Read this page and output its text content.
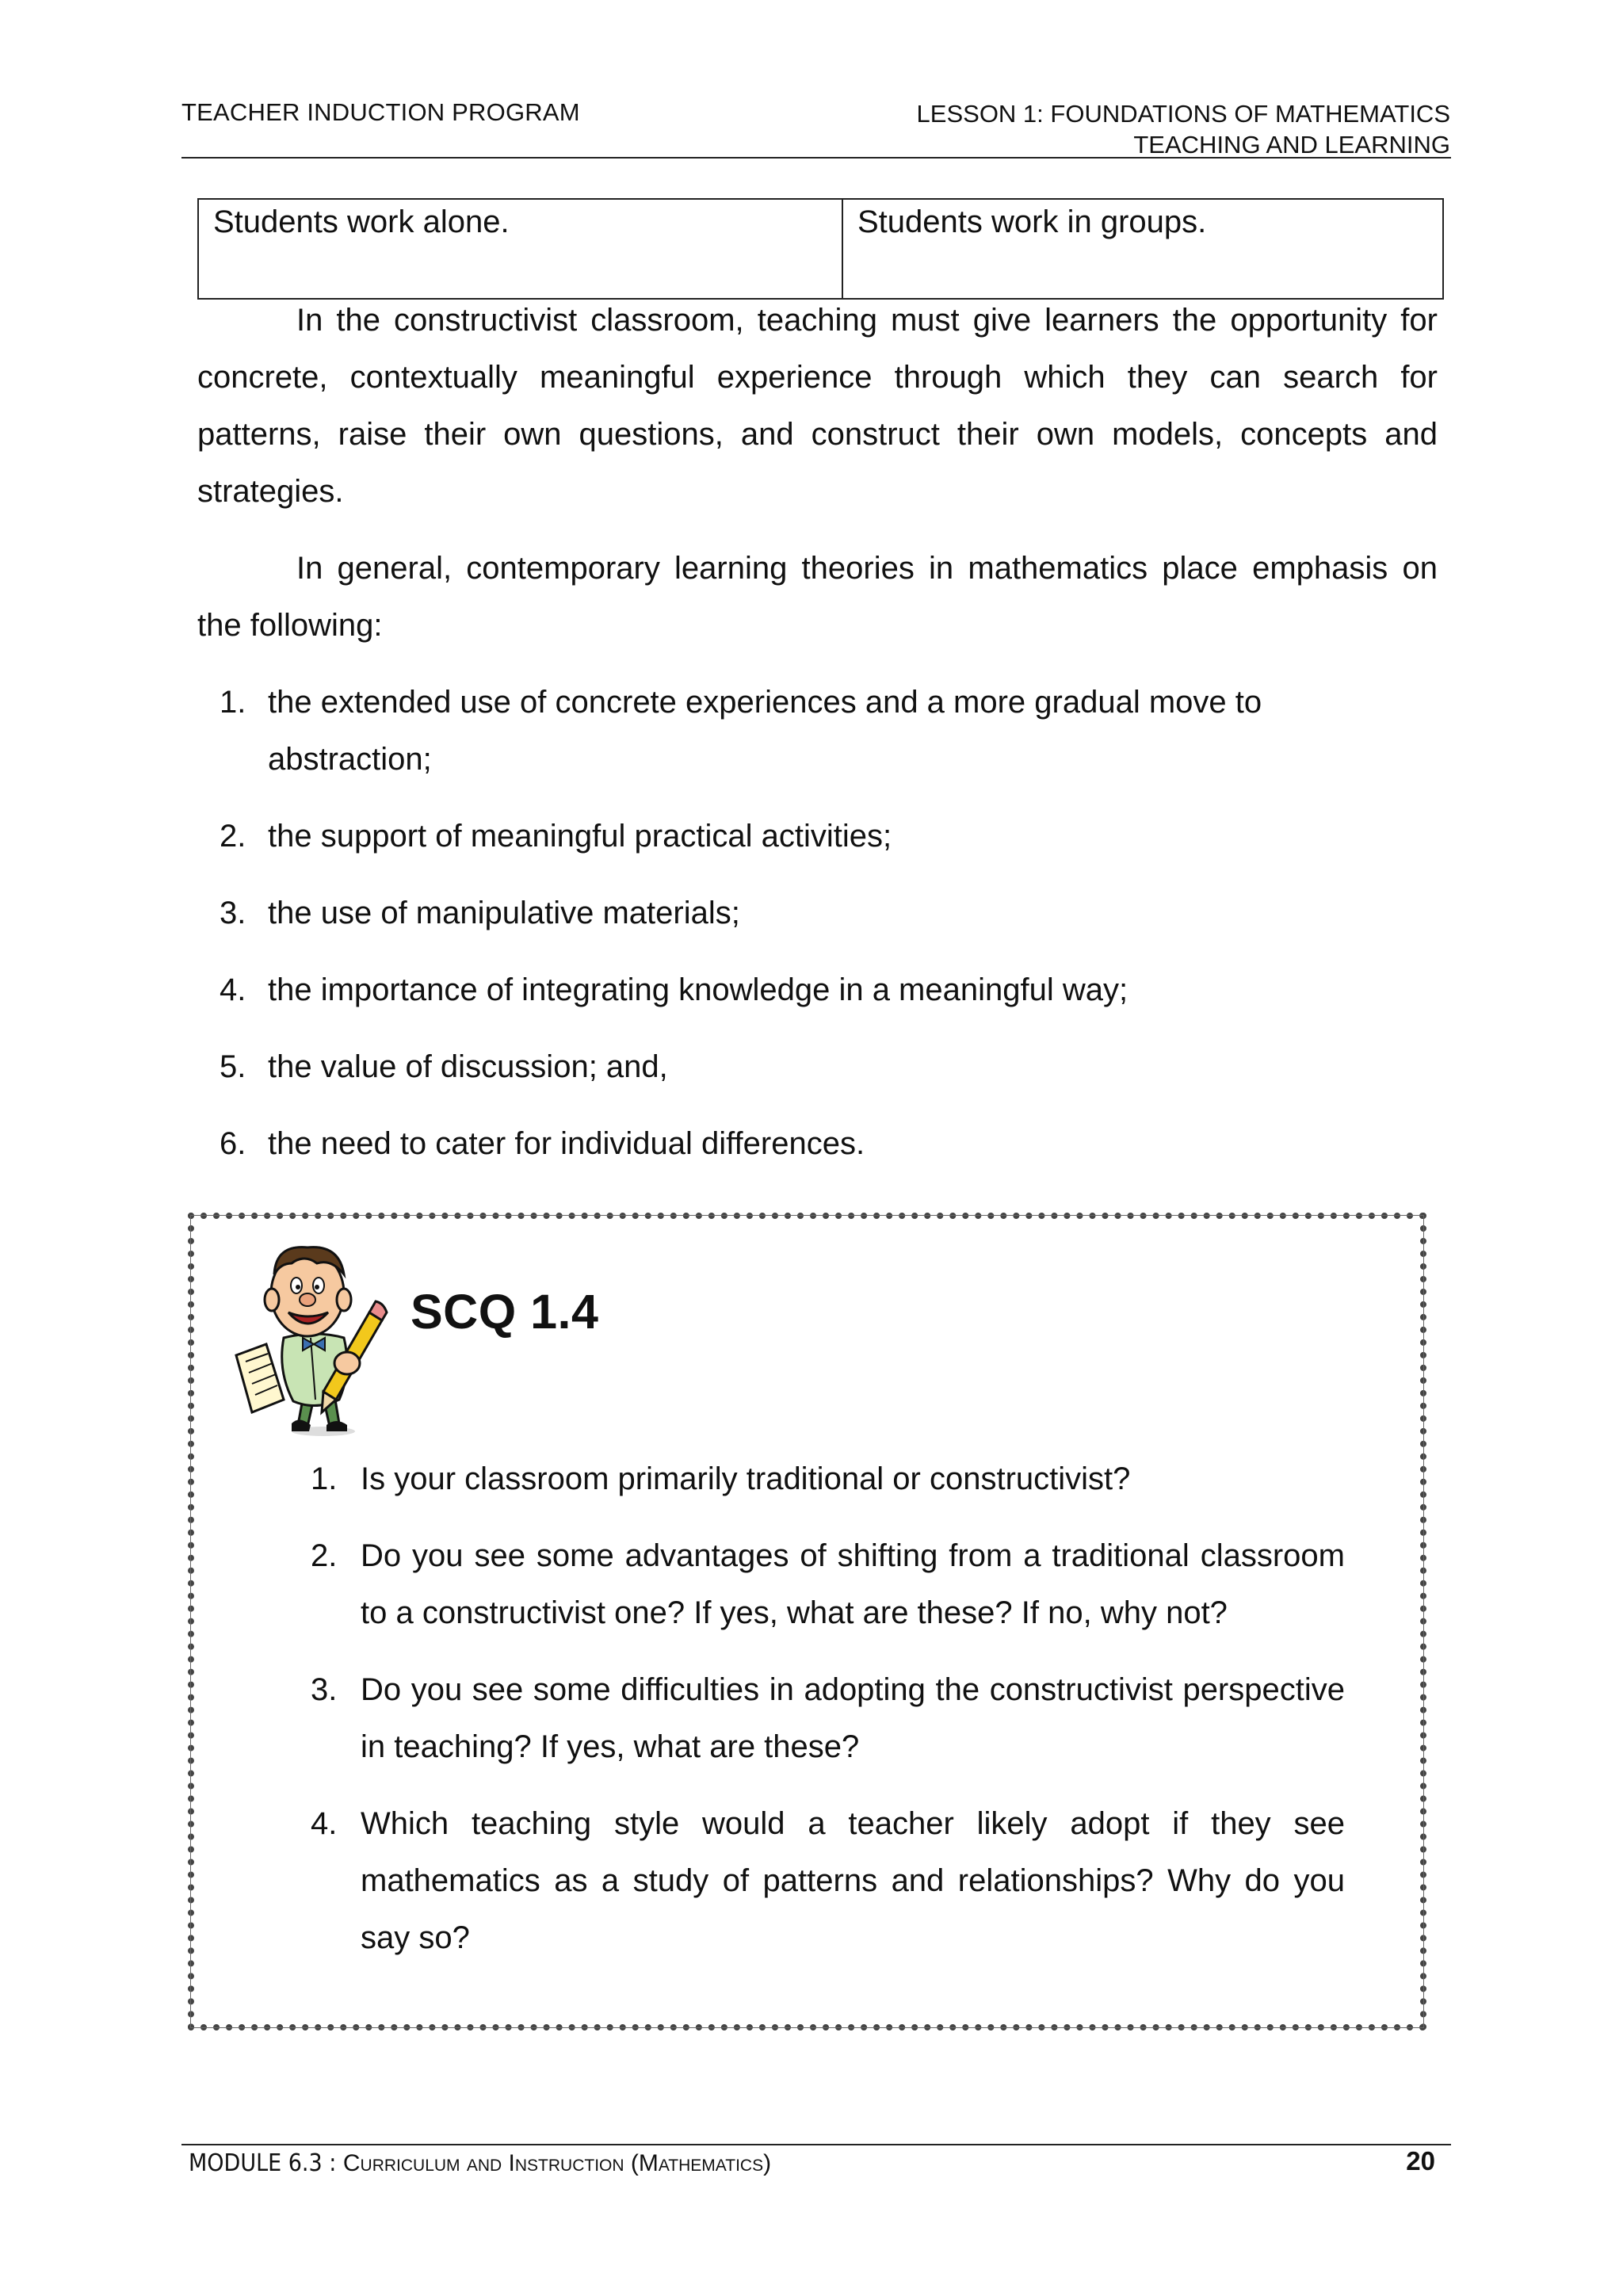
TEACHER INDUCTION PROGRAM	LESSON 1: FOUNDATIONS OF MATHEMATICS
TEACHING AND LEARNING
Students work alone.	Students work in groups.

In the constructivist classroom, teaching must give learners the opportunity for concrete, contextually meaningful experience through which they can search for patterns, raise their own questions, and construct their own models, concepts and strategies.

In general, contemporary learning theories in mathematics place emphasis on the following:

1. the extended use of concrete experiences and a more gradual move to abstraction;
2. the support of meaningful practical activities;
3. the use of manipulative materials;
4. the importance of integrating knowledge in a meaningful way;
5. the value of discussion; and,
6. the need to cater for individual differences.
SCQ 1.4
1. Is your classroom primarily traditional or constructivist?
2. Do you see some advantages of shifting from a traditional classroom to a constructivist one? If yes, what are these? If no, why not?
3. Do you see some difficulties in adopting the constructivist perspective in teaching? If yes, what are these?
4. Which teaching style would a teacher likely adopt if they see mathematics as a study of patterns and relationships? Why do you say so?
MODULE 6.3 : Curriculum and Instruction (Mathematics)	20
